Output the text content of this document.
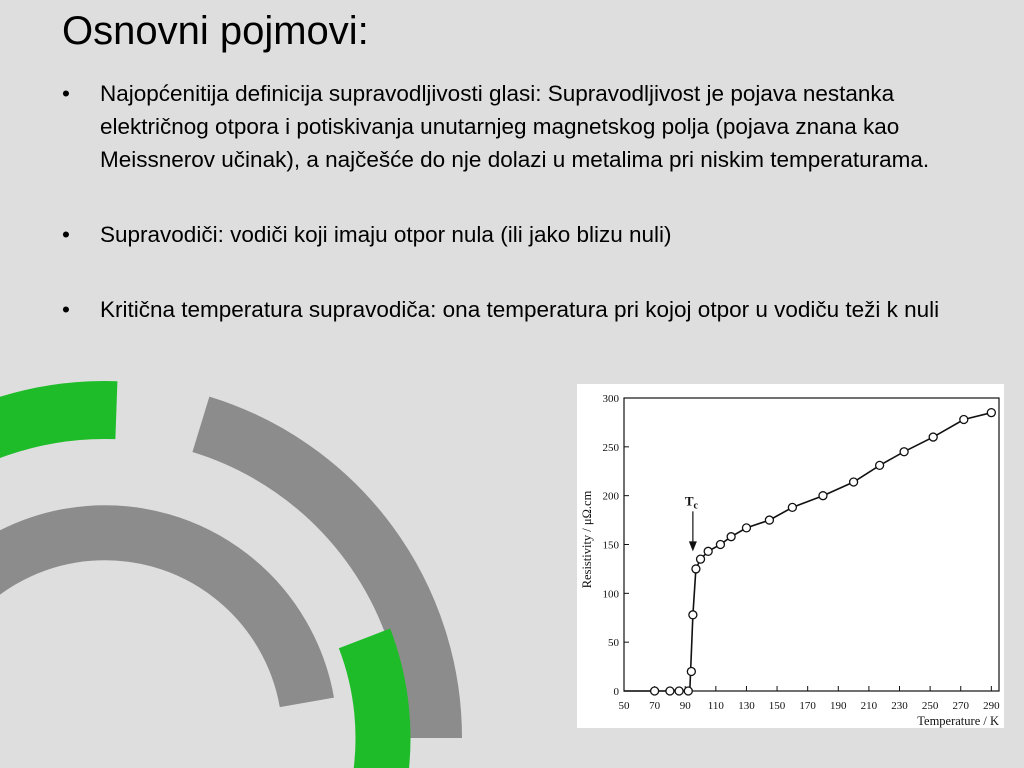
Osnovni pojmovi:
• Najopćenitija definicija supravodljivosti glasi: Supravodljivost je pojava nestanka električnog otpora i potiskivanja unutarnjeg magnetskog polja (pojava znana kao Meissnerov učinak), a najčešće do nje dolazi u metalima pri niskim temperaturama.
• Supravodiči: vodiči koji imaju otpor nula (ili jako blizu nuli)
• Kritična temperatura supravodiča: ona temperatura pri kojoj otpor u vodiču teži k nuli
50 70 90 110 130 150 170 190 210 230 250 270 290
0
50
100
150
200
250
300
$T_c$
Temperature / K
Resistivity / μΩ.cm
